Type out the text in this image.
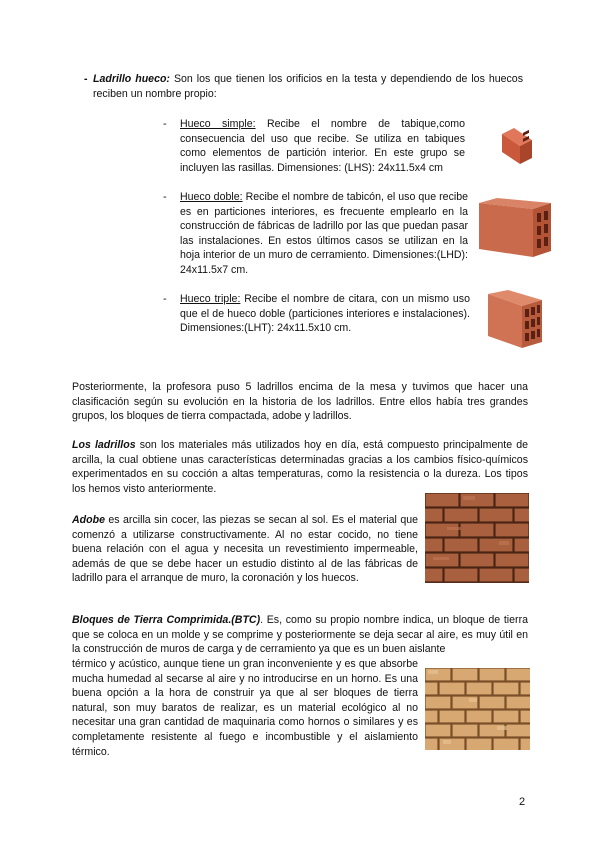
- Ladrillo hueco: Son los que tienen los orificios en la testa y dependiendo de los huecos reciben un nombre propio:
- Hueco simple: Recibe el nombre de tabique,como consecuencia del uso que recibe. Se utiliza en tabiques como elementos de partición interior. En este grupo se incluyen las rasillas. Dimensiones: (LHS): 24x11.5x4 cm
- Hueco doble: Recibe el nombre de tabicón, el uso que recibe es en particiones interiores, es frecuente emplearlo en la construcción de fábricas de ladrillo por las que puedan pasar las instalaciones. En estos últimos casos se utilizan en la hoja interior de un muro de cerramiento. Dimensiones:(LHD): 24x11.5x7 cm.
- Hueco triple: Recibe el nombre de citara, con un mismo uso que el de hueco doble (particiones interiores e instalaciones). Dimensiones:(LHT): 24x11.5x10 cm.
Posteriormente, la profesora puso 5 ladrillos encima de la mesa y tuvimos que hacer una clasificación según su evolución en la historia de los ladrillos. Entre ellos había tres grandes grupos, los bloques de tierra compactada, adobe y ladrillos.
Los ladrillos son los materiales más utilizados hoy en día, está compuesto principalmente de arcilla, la cual obtiene unas características determinadas gracias a los cambios físico-químicos experimentados en su cocción a altas temperaturas, como la resistencia o la dureza. Los tipos los hemos visto anteriormente.
Adobe es arcilla sin cocer, las piezas se secan al sol. Es el material que comenzó a utilizarse constructivamente. Al no estar cocido, no tiene buena relación con el agua y necesita un revestimiento impermeable, además de que se debe hacer un estudio distinto al de las fábricas de ladrillo para el arranque de muro, la coronación y los huecos.
Bloques de Tierra Comprimida.(BTC). Es, como su propio nombre indica, un bloque de tierra que se coloca en un molde y se comprime y posteriormente se deja secar al aire, es muy útil en la construcción de muros de carga y de cerramiento ya que es un buen aislante
térmico y acústico, aunque tiene un gran inconveniente y es que absorbe mucha humedad al secarse al aire y no introducirse en un horno. Es una buena opción a la hora de construir ya que al ser bloques de tierra natural, son muy baratos de realizar, es un material ecológico al no necesitar una gran cantidad de maquinaria como hornos o similares y es completamente resistente al fuego e incombustible y el aislamiento térmico.
2
